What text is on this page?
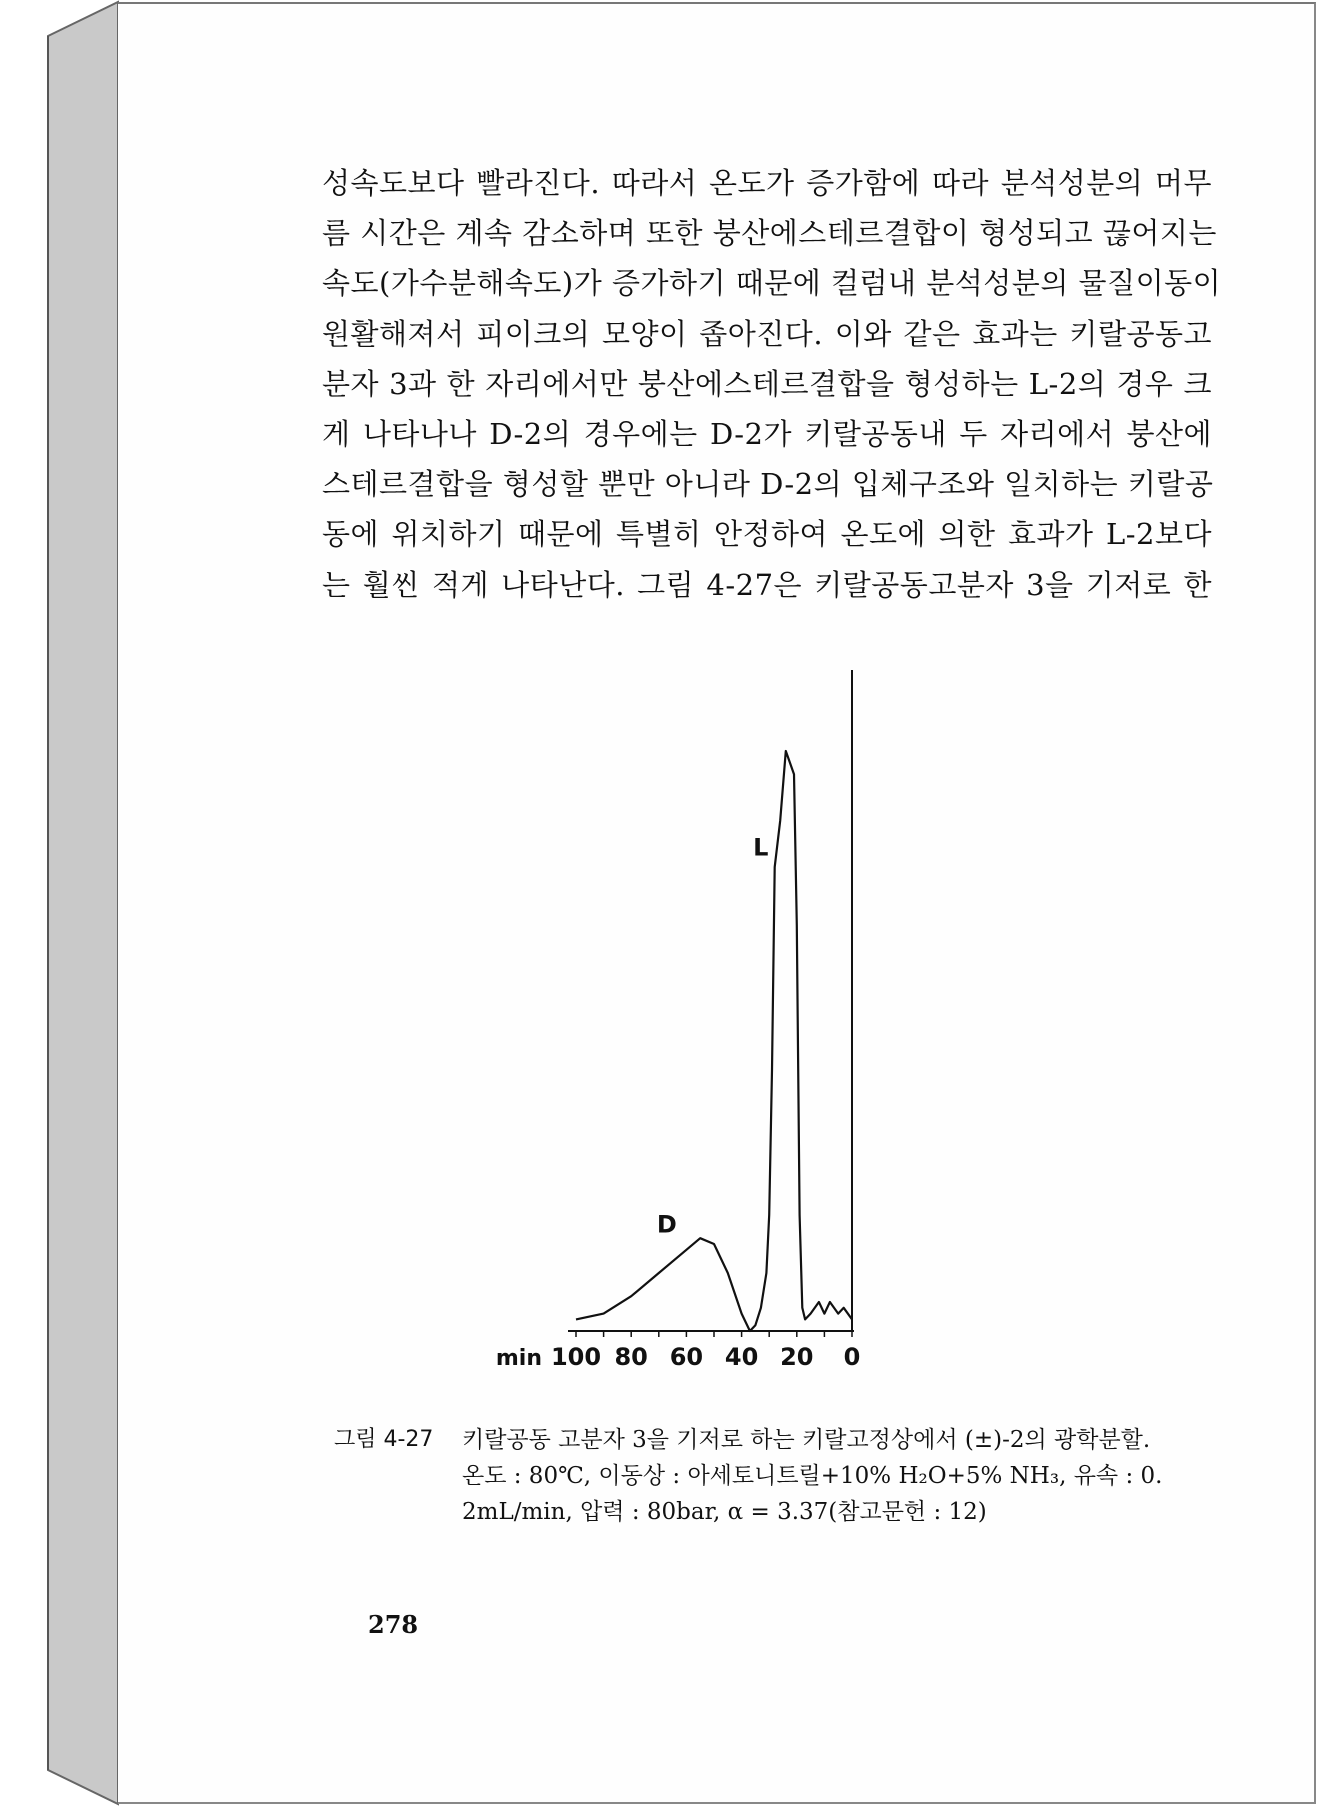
성속도보다 빨라진다. 따라서 온도가 증가함에 따라 분석성분의 머무
름 시간은 계속 감소하며 또한 붕산에스테르결합이 형성되고 끊어지는
속도(가수분해속도)가 증가하기 때문에 컬럼내 분석성분의 물질이동이
원활해져서 피이크의 모양이 좁아진다. 이와 같은 효과는 키랄공동고
분자 3과 한 자리에서만 붕산에스테르결합을 형성하는 L-2의 경우 크
게 나타나나 D-2의 경우에는 D-2가 키랄공동내 두 자리에서 붕산에
스테르결합을 형성할 뿐만 아니라 D-2의 입체구조와 일치하는 키랄공
동에 위치하기 때문에 특별히 안정하여 온도에 의한 효과가 L-2보다
는 훨씬 적게 나타난다. 그림 4-27은 키랄공동고분자 3을 기저로 한
100 80 60 40 20 0
min
L
D
그림 4-27 키랄공동 고분자 3을 기저로 하는 키랄고정상에서 (±)-2의 광학분할.
온도 : 80℃, 이동상 : 아세토니트릴+10% H₂O+5% NH₃, 유속 : 0.
2mL/min, 압력 : 80bar, α = 3.37(참고문헌 : 12)
278
